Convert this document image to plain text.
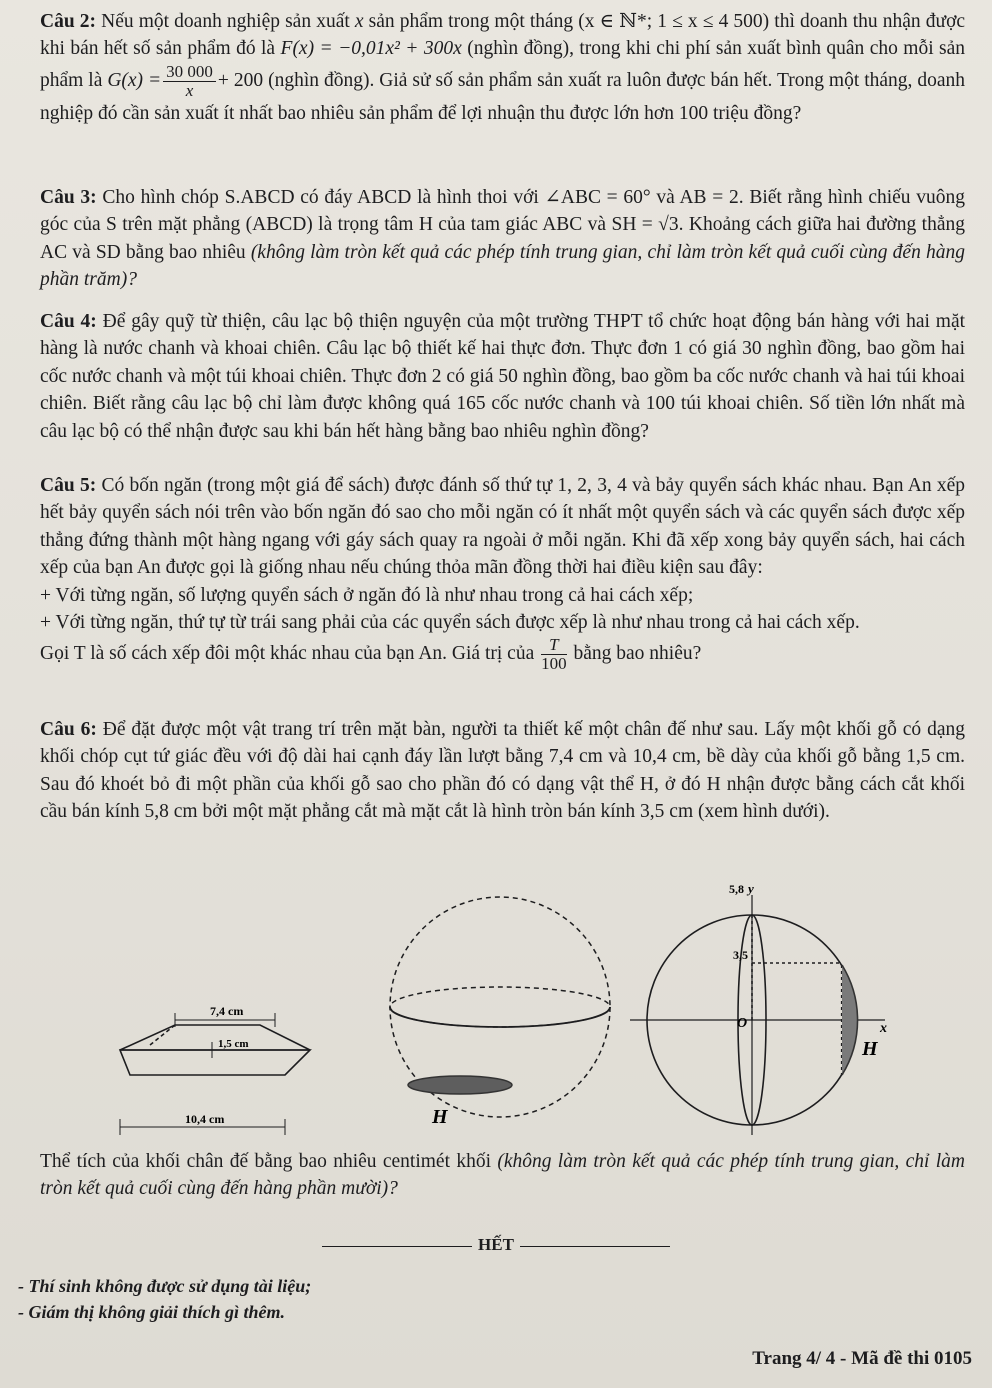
Câu 2: Nếu một doanh nghiệp sản xuất x sản phẩm trong một tháng (x ∈ ℕ*; 1 ≤ x ≤ 4 500) thì doanh thu nhận được khi bán hết số sản phẩm đó là F(x) = −0,01x² + 300x (nghìn đồng), trong khi chi phí sản xuất bình quân cho mỗi sản phẩm là $G(x) = \frac{30 000}{x} + 200$ (nghìn đồng). Giả sử số sản phẩm sản xuất ra luôn được bán hết. Trong một tháng, doanh nghiệp đó cần sản xuất ít nhất bao nhiêu sản phẩm để lợi nhuận thu được lớn hơn 100 triệu đồng?
Câu 3: Cho hình chóp S.ABCD có đáy ABCD là hình thoi với ∠ABC = 60° và AB = 2. Biết rằng hình chiếu vuông góc của S trên mặt phẳng (ABCD) là trọng tâm H của tam giác ABC và SH = √3. Khoảng cách giữa hai đường thẳng AC và SD bằng bao nhiêu (không làm tròn kết quả các phép tính trung gian, chỉ làm tròn kết quả cuối cùng đến hàng phần trăm)?
Câu 4: Để gây quỹ từ thiện, câu lạc bộ thiện nguyện của một trường THPT tổ chức hoạt động bán hàng với hai mặt hàng là nước chanh và khoai chiên. Câu lạc bộ thiết kế hai thực đơn. Thực đơn 1 có giá 30 nghìn đồng, bao gồm hai cốc nước chanh và một túi khoai chiên. Thực đơn 2 có giá 50 nghìn đồng, bao gồm ba cốc nước chanh và hai túi khoai chiên. Biết rằng câu lạc bộ chỉ làm được không quá 165 cốc nước chanh và 100 túi khoai chiên. Số tiền lớn nhất mà câu lạc bộ có thể nhận được sau khi bán hết hàng bằng bao nhiêu nghìn đồng?
Câu 5: Có bốn ngăn (trong một giá để sách) được đánh số thứ tự 1, 2, 3, 4 và bảy quyển sách khác nhau. Bạn An xếp hết bảy quyển sách nói trên vào bốn ngăn đó sao cho mỗi ngăn có ít nhất một quyển sách và các quyển sách được xếp thẳng đứng thành một hàng ngang với gáy sách quay ra ngoài ở mỗi ngăn. Khi đã xếp xong bảy quyển sách, hai cách xếp của bạn An được gọi là giống nhau nếu chúng thỏa mãn đồng thời hai điều kiện sau đây:
+ Với từng ngăn, số lượng quyển sách ở ngăn đó là như nhau trong cả hai cách xếp;
+ Với từng ngăn, thứ tự từ trái sang phải của các quyển sách được xếp là như nhau trong cả hai cách xếp.
Gọi T là số cách xếp đôi một khác nhau của bạn An. Giá trị của $\frac{T}{100}$ bằng bao nhiêu?
Câu 6: Để đặt được một vật trang trí trên mặt bàn, người ta thiết kế một chân đế như sau. Lấy một khối gỗ có dạng khối chóp cụt tứ giác đều với độ dài hai cạnh đáy lần lượt bằng 7,4 cm và 10,4 cm, bề dày của khối gỗ bằng 1,5 cm. Sau đó khoét bỏ đi một phần của khối gỗ sao cho phần đó có dạng vật thể H, ở đó H nhận được bằng cách cắt khối cầu bán kính 5,8 cm bởi một mặt phẳng cắt mà mặt cắt là hình tròn bán kính 3,5 cm (xem hình dưới).
7,4 cm
1,5 cm
10,4 cm	H
y
x
O
5,8
3,5
H
Thể tích của khối chân đế bằng bao nhiêu centimét khối (không làm tròn kết quả các phép tính trung gian, chỉ làm tròn kết quả cuối cùng đến hàng phần mười)?
HẾT
- Thí sinh không được sử dụng tài liệu;
- Giám thị không giải thích gì thêm.
Trang 4/ 4 - Mã đề thi 0105
